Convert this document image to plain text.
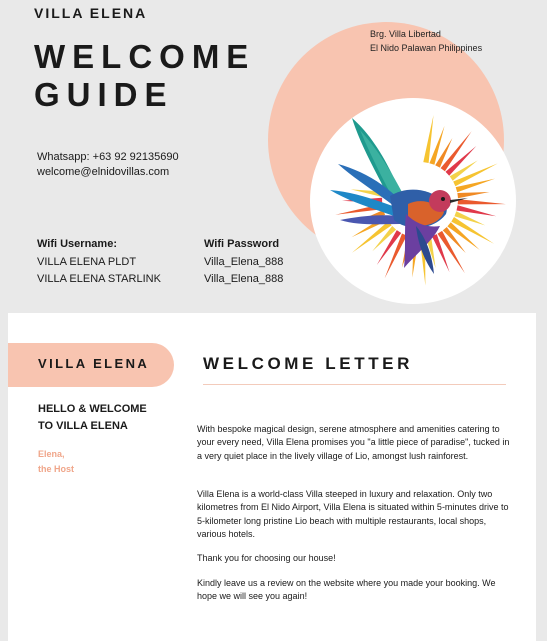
VILLA ELENA
WELCOME
GUIDE
Brg. Villa Libertad
El Nido Palawan Philippines
Whatsapp: +63 92 92135690
welcome@elnidovillas.com
Wifi Username:	Wifi Password
VILLA ELENA PLDT	Villa_Elena_888
VILLA ELENA STARLINK	Villa_Elena_888
VILLA ELENA
HELLO & WELCOME
TO VILLA ELENA
Elena,
the Host
WELCOME LETTER

With bespoke magical design, serene atmosphere and amenities catering to your every need, Villa Elena promises you "a little piece of paradise", tucked in a very quiet place in the lively village of Lio, amongst lush rainforest.

Villa Elena is a world-class Villa steeped in luxury and relaxation. Only two kilometres from El Nido Airport, Villa Elena is situated within 5-minutes drive to 5-kilometer long pristine Lio beach with multiple restaurants, local shops, various hotels.

Thank you for choosing our house!

Kindly leave us a review on the website where you made your booking. We hope we will see you again!
